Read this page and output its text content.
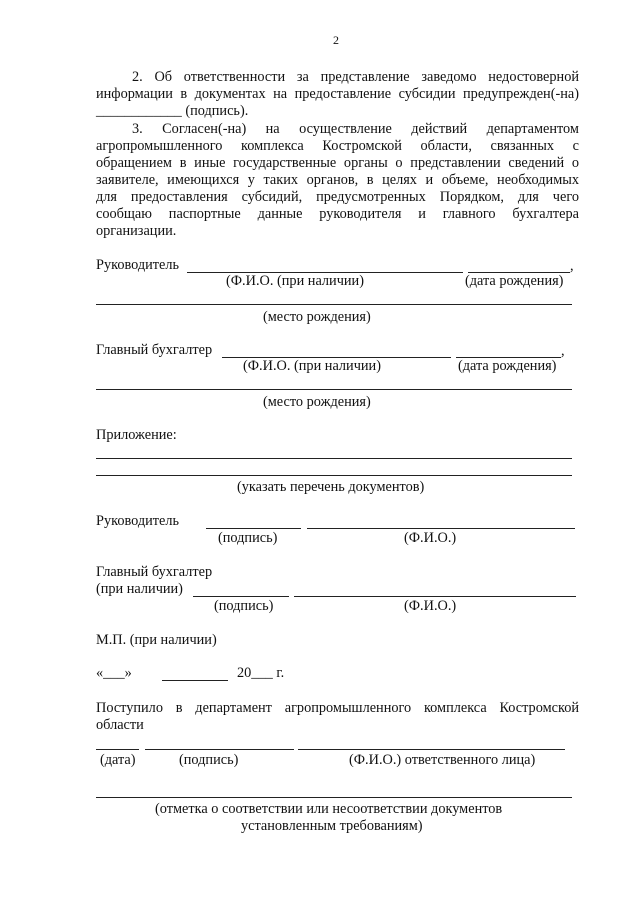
2
2. Об ответственности за представление заведомо недостоверной
информации в документах на предоставление субсидии предупрежден(-на)
____________ (подпись).
3. Согласен(-на) на осуществление действий департаментом
агропромышленного комплекса Костромской области, связанных с
обращением в иные государственные органы о представлении сведений о
заявителе, имеющихся у таких органов, в целях и объеме, необходимых
для предоставления субсидий, предусмотренных Порядком, для чего
сообщаю паспортные данные руководителя и главного бухгалтера
организации.
Руководитель	,
(Ф.И.О. (при наличии)	(дата рождения)
(место рождения)
Главный бухгалтер	,
(Ф.И.О. (при наличии)	(дата рождения)
(место рождения)
Приложение:
(указать перечень документов)
Руководитель
(подпись)	(Ф.И.О.)
Главный бухгалтер
(при наличии)
(подпись)	(Ф.И.О.)
М.П. (при наличии)
«___»	20___ г.
Поступило в департамент агропромышленного комплекса Костромской
области
(дата)	(подпись)	(Ф.И.О.) ответственного лица)
(отметка о соответствии или несоответствии документов
установленным требованиям)
